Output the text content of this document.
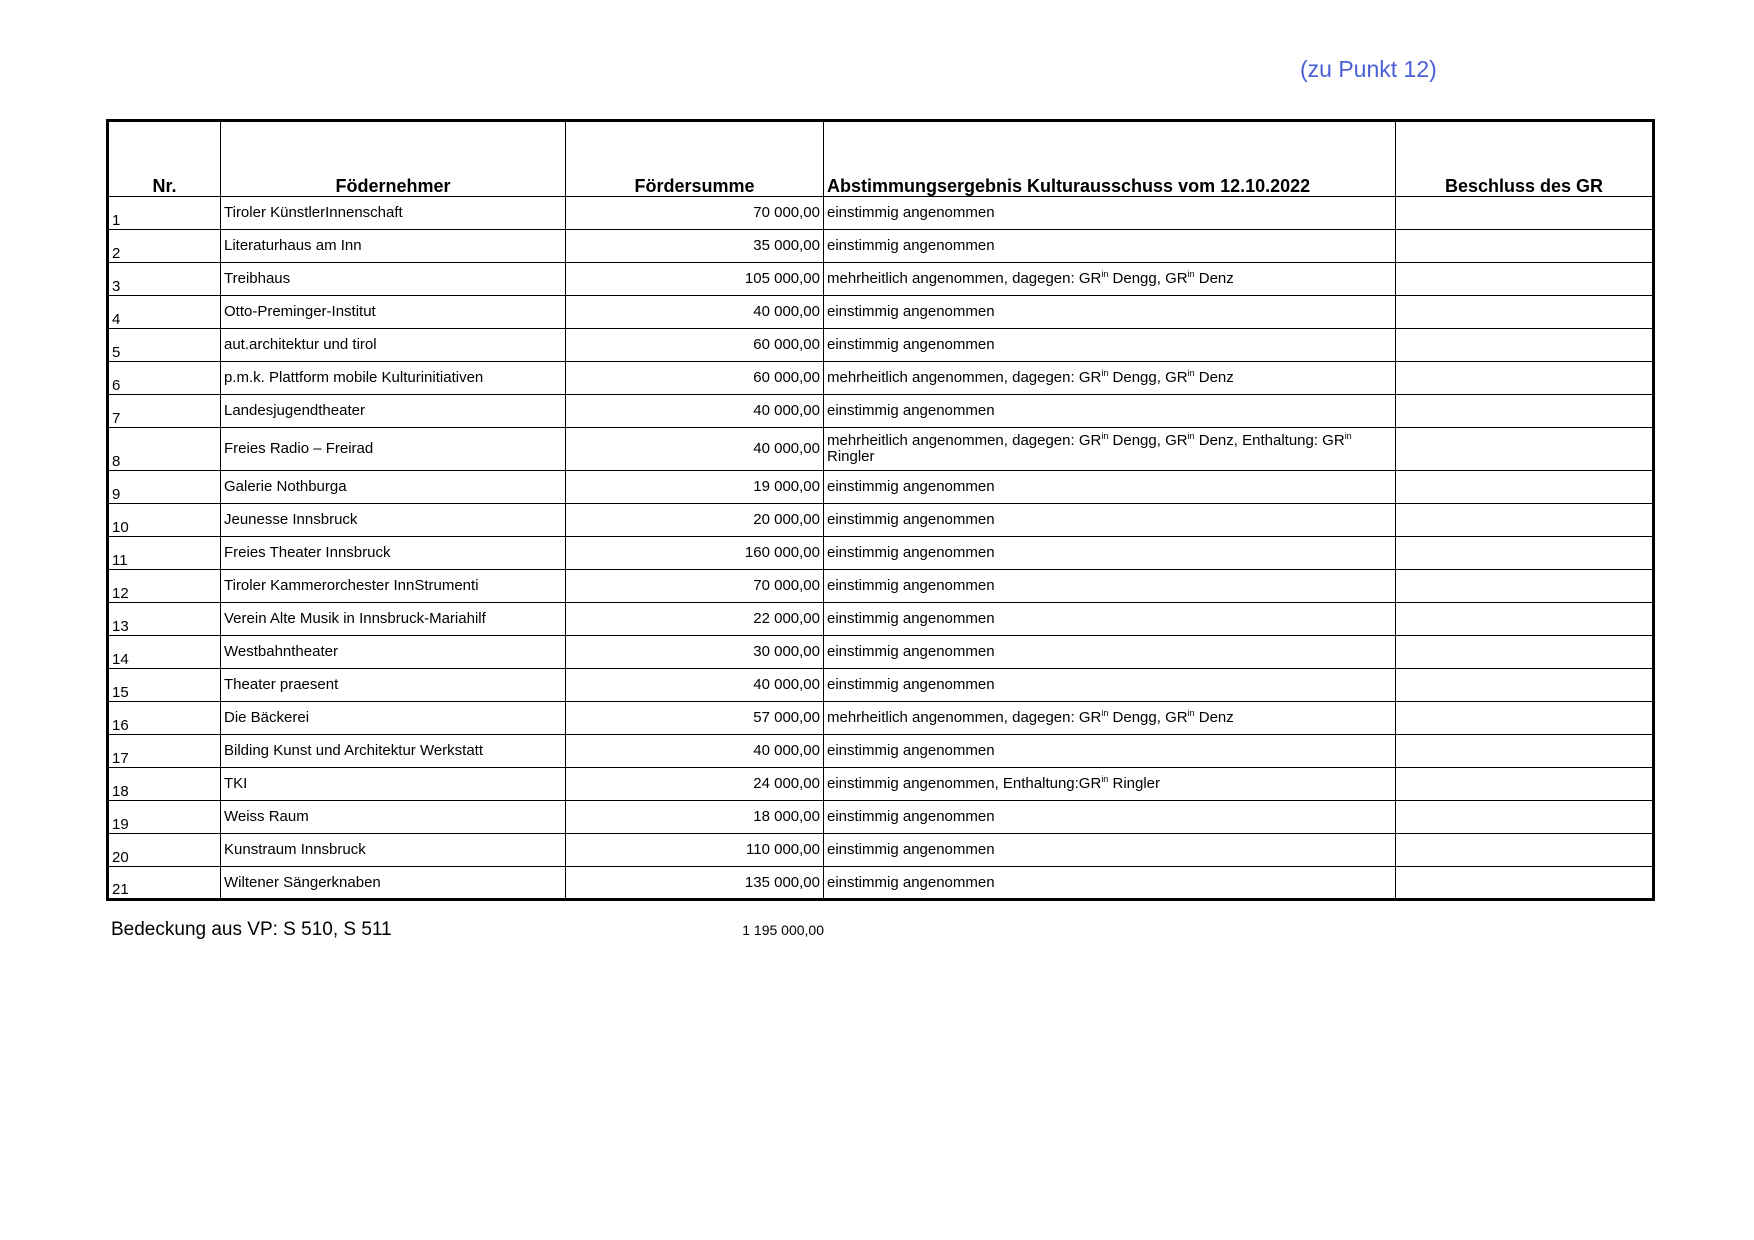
(zu Punkt 12)
Nr.	Födernehmer	Fördersumme	Abstimmungsergebnis Kulturausschuss vom 12.10.2022	Beschluss des GR
1	Tiroler KünstlerInnenschaft	70 000,00	einstimmig angenommen	
2	Literaturhaus am Inn	35 000,00	einstimmig angenommen	
3	Treibhaus	105 000,00	mehrheitlich angenommen, dagegen: $GR^{in}$ Dengg, $GR^{in}$ Denz	
4	Otto-Preminger-Institut	40 000,00	einstimmig angenommen	
5	aut.architektur und tirol	60 000,00	einstimmig angenommen	
6	p.m.k. Plattform mobile Kulturinitiativen	60 000,00	mehrheitlich angenommen, dagegen: $GR^{in}$ Dengg, $GR^{in}$ Denz	
7	Landesjugendtheater	40 000,00	einstimmig angenommen	
8	Freies Radio – Freirad	40 000,00	mehrheitlich angenommen, dagegen: $GR^{in}$ Dengg, $GR^{in}$ Denz, Enthaltung: $GR^{in}$
Ringler	
9	Galerie Nothburga	19 000,00	einstimmig angenommen	
10	Jeunesse Innsbruck	20 000,00	einstimmig angenommen	
11	Freies Theater Innsbruck	160 000,00	einstimmig angenommen	
12	Tiroler Kammerorchester InnStrumenti	70 000,00	einstimmig angenommen	
13	Verein Alte Musik in Innsbruck-Mariahilf	22 000,00	einstimmig angenommen	
14	Westbahntheater	30 000,00	einstimmig angenommen	
15	Theater praesent	40 000,00	einstimmig angenommen	
16	Die Bäckerei	57 000,00	mehrheitlich angenommen, dagegen: $GR^{in}$ Dengg, $GR^{in}$ Denz	
17	Bilding Kunst und Architektur Werkstatt	40 000,00	einstimmig angenommen	
18	TKI	24 000,00	einstimmig angenommen, $Enthaltung:GR^{in}$ Ringler	
19	Weiss Raum	18 000,00	einstimmig angenommen	
20	Kunstraum Innsbruck	110 000,00	einstimmig angenommen	
21	Wiltener Sängerknaben	135 000,00	einstimmig angenommen	
Bedeckung aus VP: S 510, S 511	1 195 000,00
